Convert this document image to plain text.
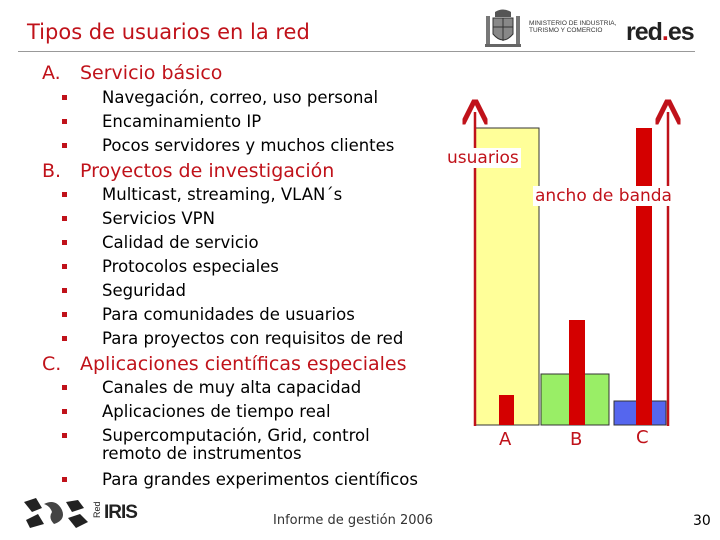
Tipos de usuarios en la red	MINISTERIO DE INDUSTRIA, TURISMO Y COMERCIO red.es
A. Servicio básico
Navegación, correo, uso personal
Encaminamiento IP
Pocos servidores y muchos clientes
B. Proyectos de investigación
Multicast, streaming, VLAN´s
Servicios VPN
Calidad de servicio
Protocolos especiales
Seguridad
Para comunidades de usuarios
Para proyectos con requisitos de red
C. Aplicaciones científicas especiales
Canales de muy alta capacidad
Aplicaciones de tiempo real
Supercomputación, Grid, control
remoto de instrumentos
Para grandes experimentos científicos
usuarios
ancho de banda
A	B	C
Red IRIS	Informe de gestión 2006	30
